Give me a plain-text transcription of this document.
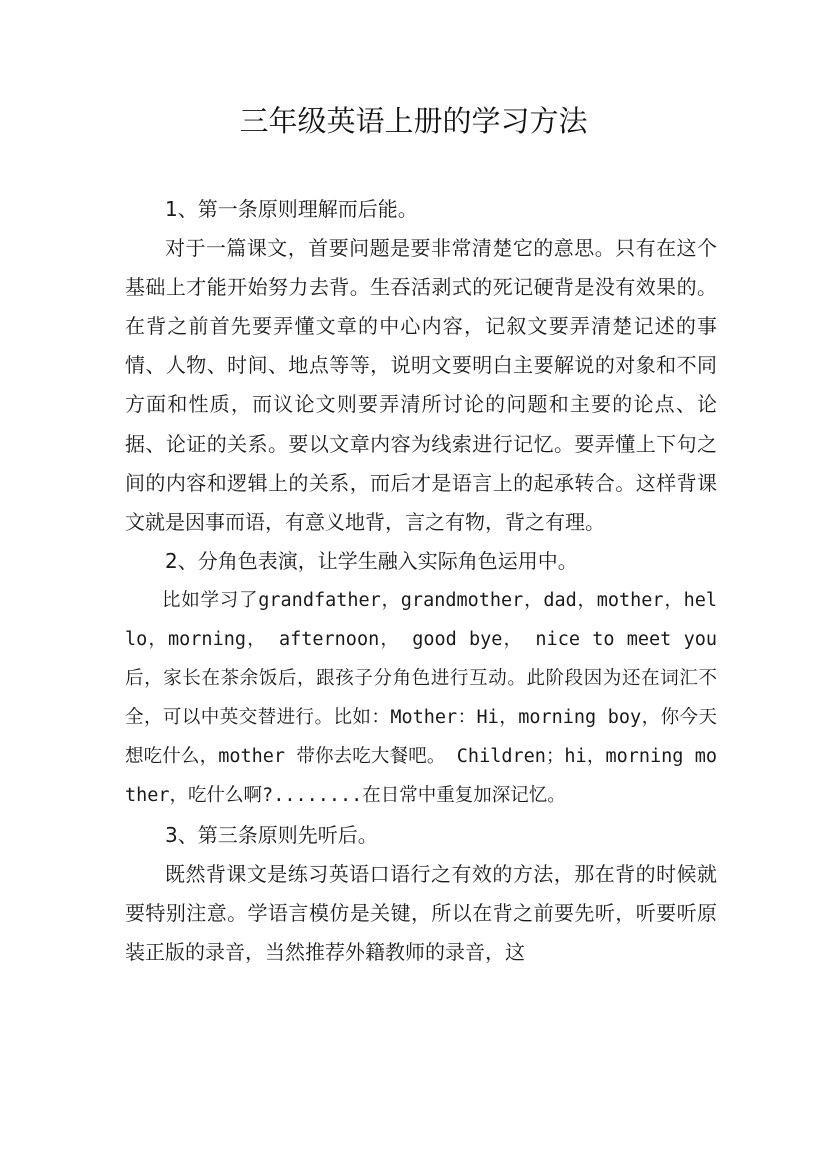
三年级英语上册的学习方法

1、第一条原则理解而后能。

对于一篇课文，首要问题是要非常清楚它的意思。只有在这个基础上才能开始努力去背。生吞活剥式的死记硬背是没有效果的。在背之前首先要弄懂文章的中心内容，记叙文要弄清楚记述的事情、人物、时间、地点等等，说明文要明白主要解说的对象和不同方面和性质，而议论文则要弄清所讨论的问题和主要的论点、论据、论证的关系。要以文章内容为线索进行记忆。要弄懂上下句之间的内容和逻辑上的关系，而后才是语言上的起承转合。这样背课文就是因事而语，有意义地背，言之有物，背之有理。

2、分角色表演，让学生融入实际角色运用中。

比如学习了grandfather，grandmother，dad，mother，hello，morning， afternoon， good bye， nice to meet you 后，家长在茶余饭后，跟孩子分角色进行互动。此阶段因为还在词汇不全，可以中英交替进行。比如：Mother：Hi，morning boy，你今天想吃什么，mother 带你去吃大餐吧。 Children；hi，morning mother，吃什么啊?........在日常中重复加深记忆。

3、第三条原则先听后。

既然背课文是练习英语口语行之有效的方法，那在背的时候就要特别注意。学语言模仿是关键，所以在背之前要先听，听要听原装正版的录音，当然推荐外籍教师的录音，这
